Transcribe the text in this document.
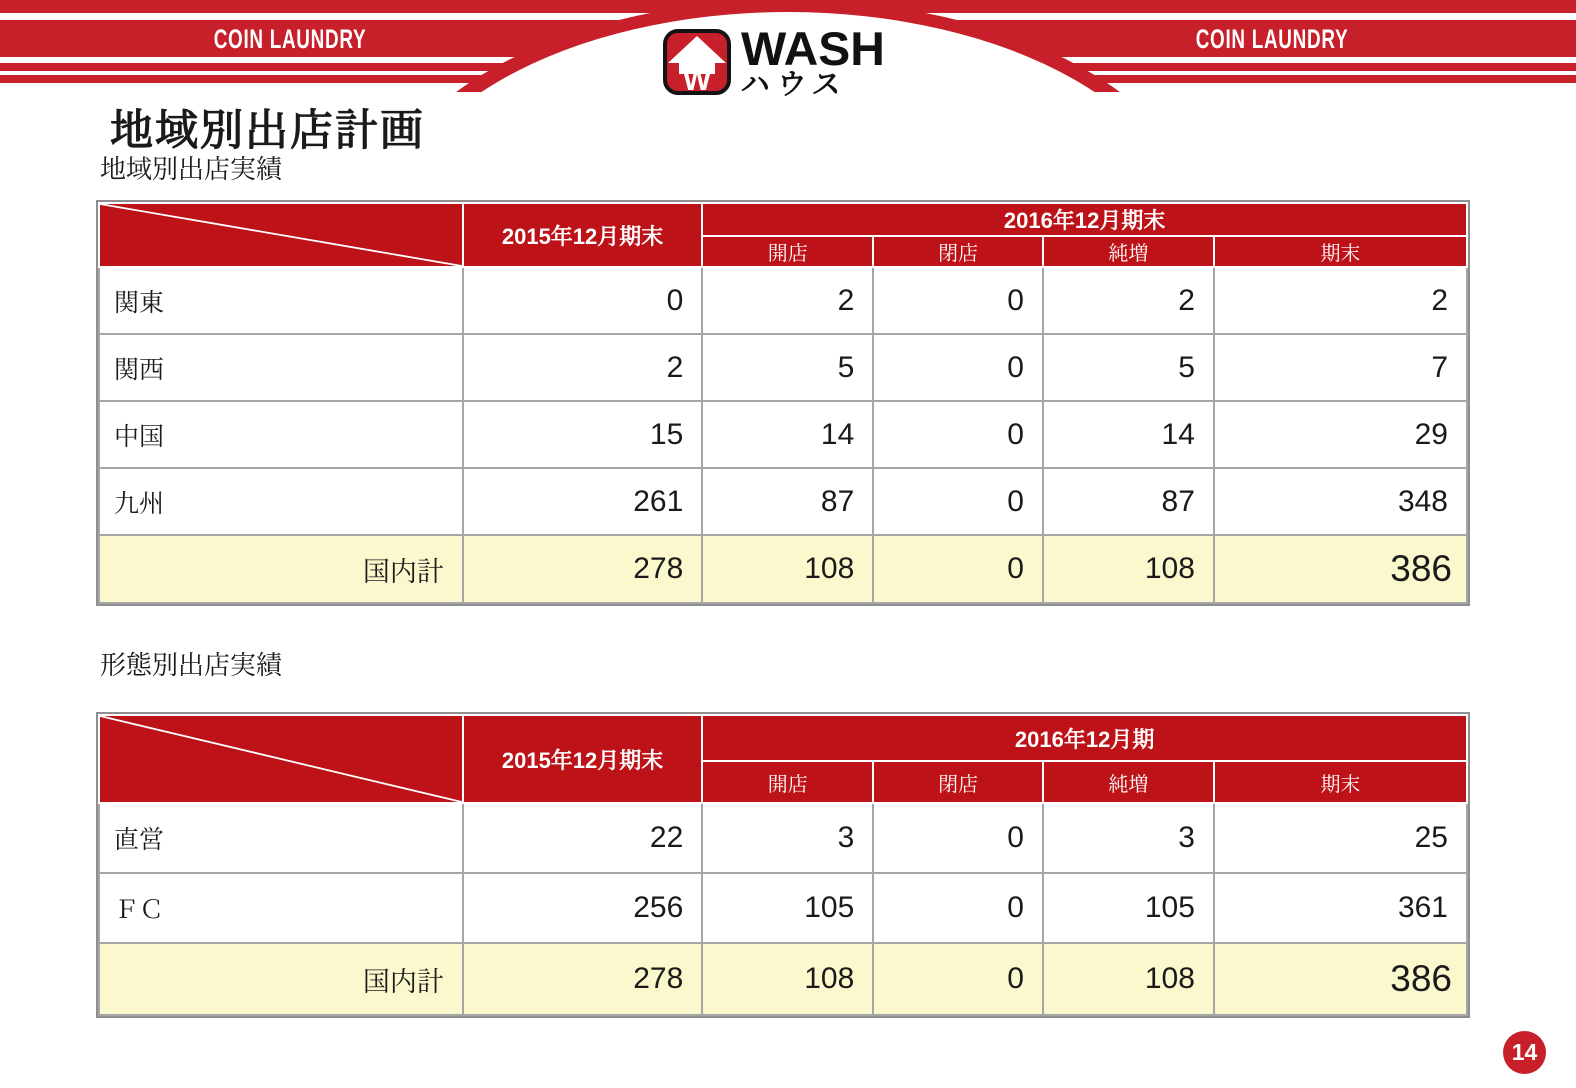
COIN LAUNDRY	COIN LAUNDRY
W
WASH
ハウス
地域別出店計画
地域別出店実績
	2015年12月期末	2016年12月期末			
		開店	閉店	純増	期末
関東	0	2	0	2	2
関西	2	5	0	5	7
中国	15	14	0	14	29
九州	261	87	0	87	348
国内計	278	108	0	108	386
形態別出店実績
	2015年12月期末	2016年12月期			
		開店	閉店	純増	期末
直営	22	3	0	3	25
ＦＣ	256	105	0	105	361
国内計	278	108	0	108	386
14
